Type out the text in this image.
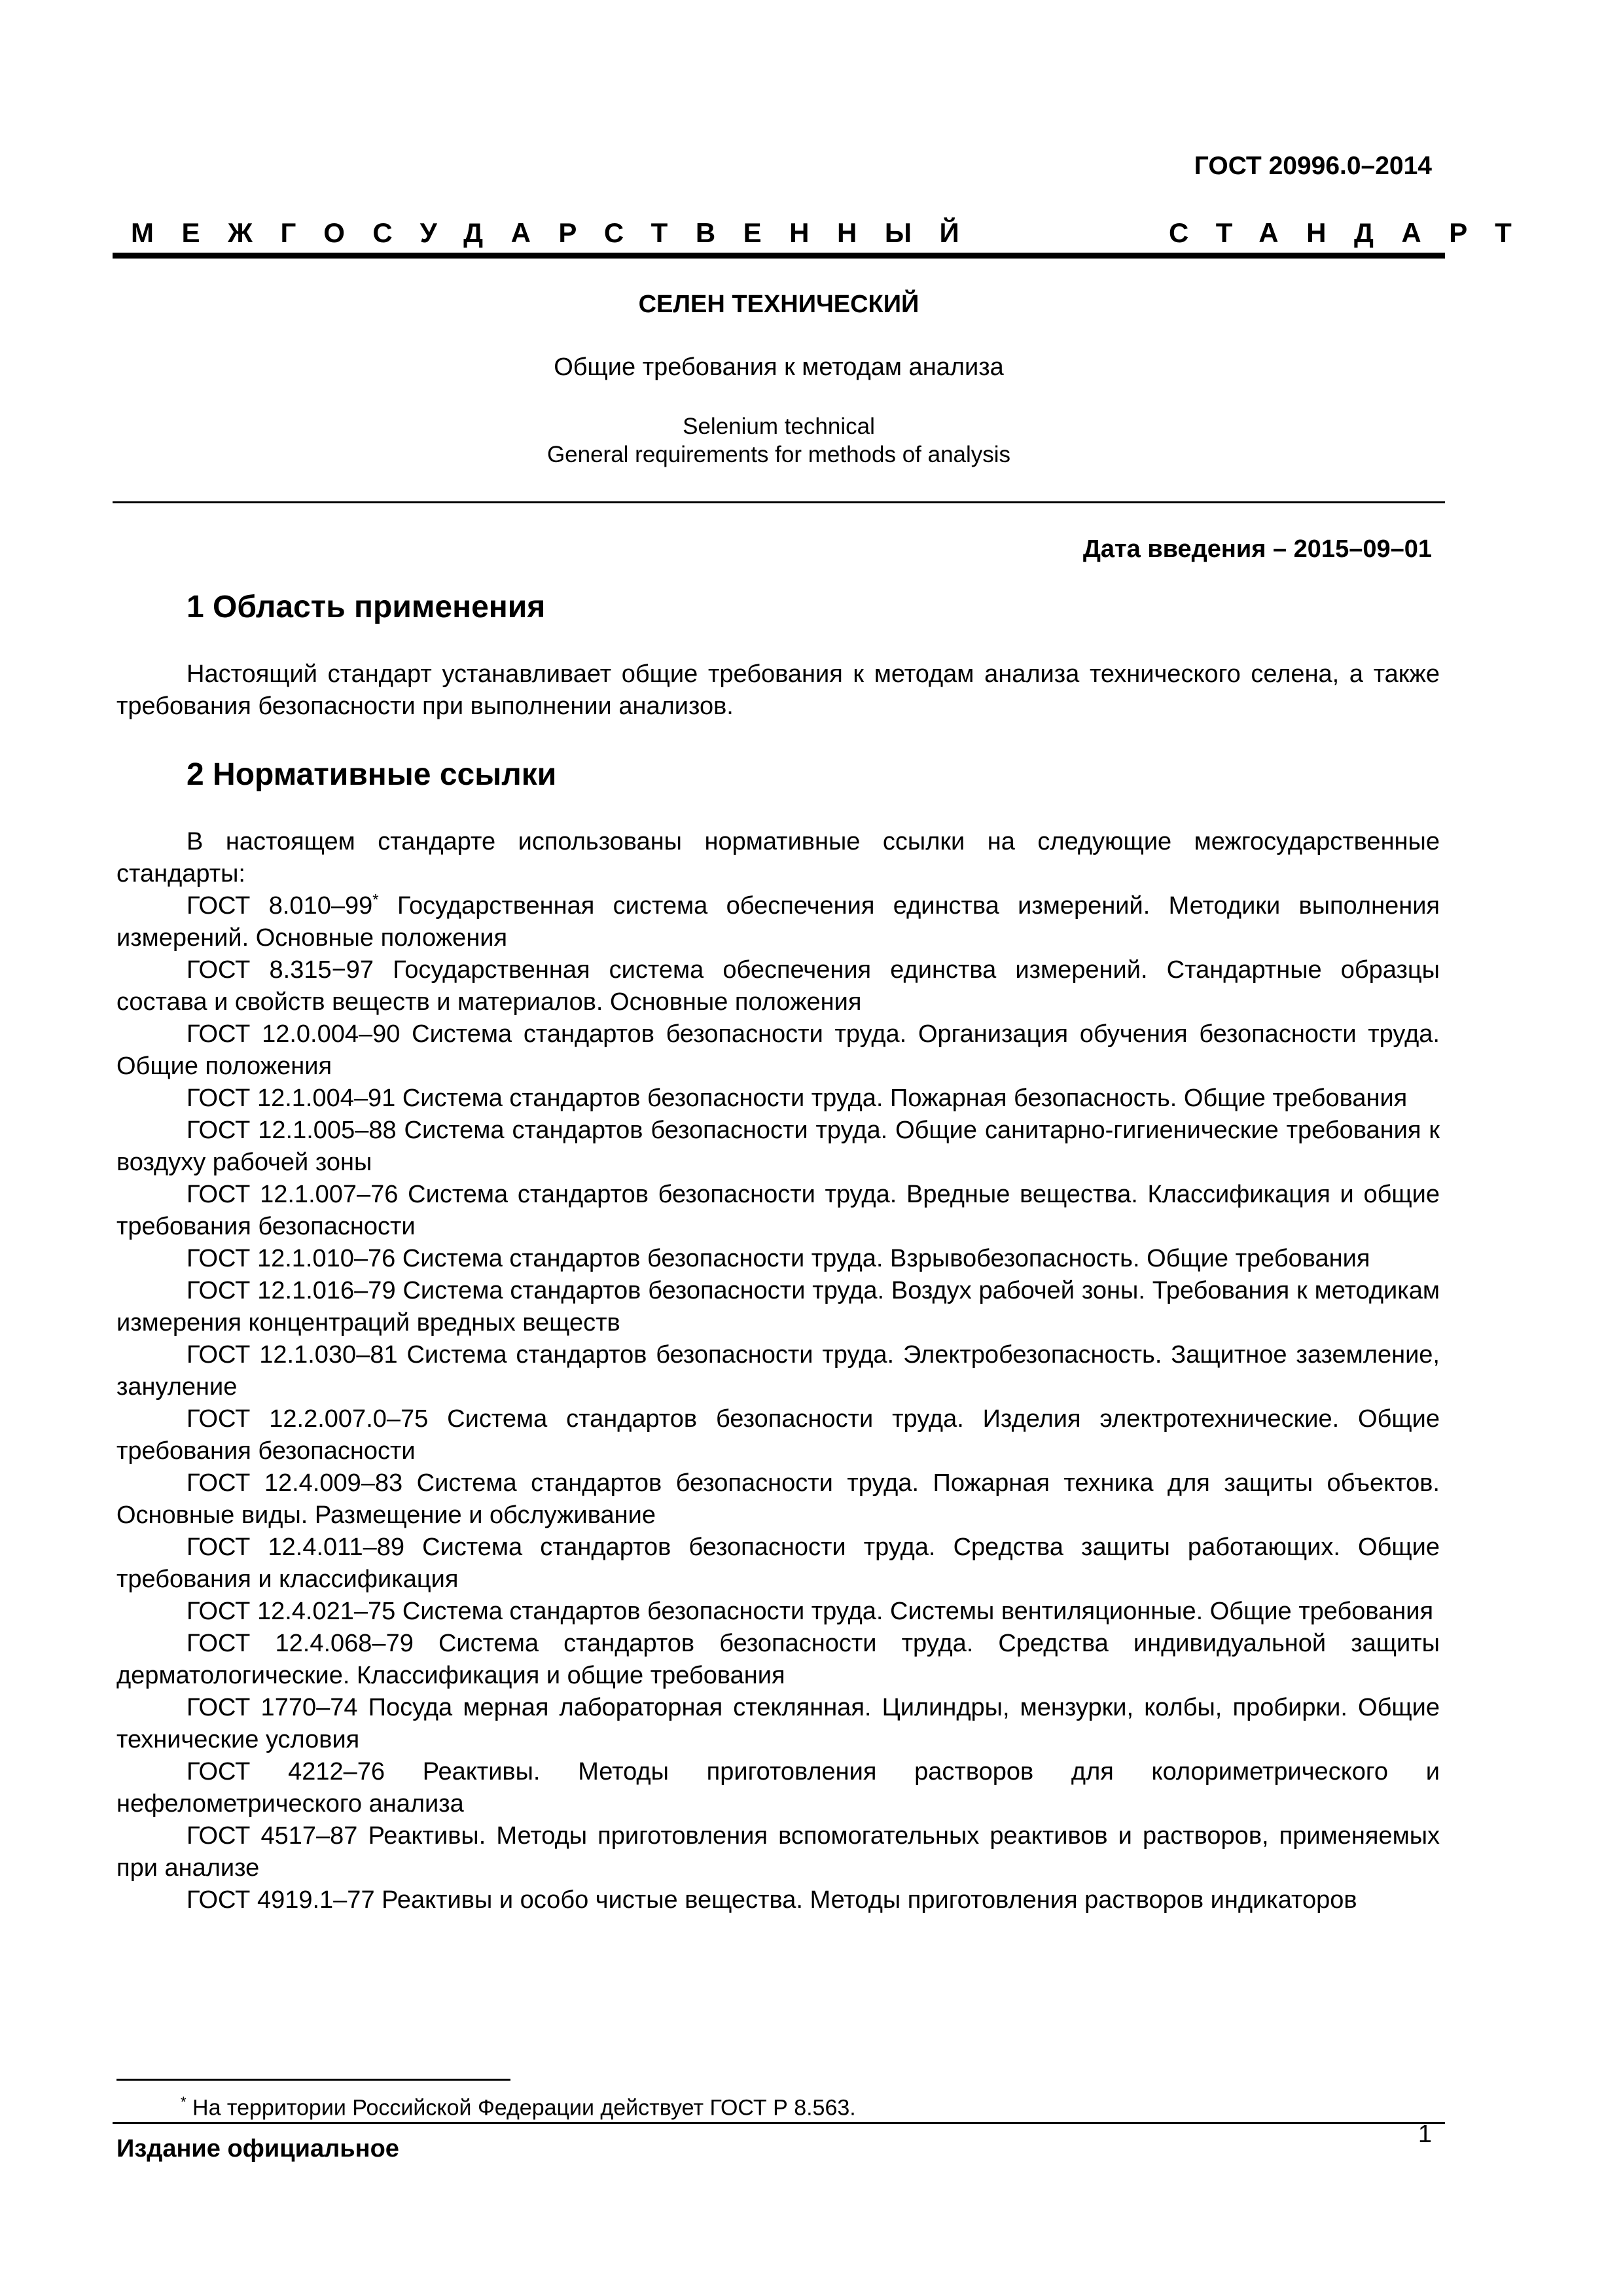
ГОСТ 20996.0–2014
МЕЖГОСУДАРСТВЕННЫЙ	СТАНДАРТ
СЕЛЕН ТЕХНИЧЕСКИЙ
Общие требования к методам анализа
Selenium technical
General requirements for methods of analysis
Дата введения – 2015–09–01
1 Область применения

Настоящий стандарт устанавливает общие требования к методам анализа технического селена, а также требования безопасности при выполнении анализов.

2 Нормативные ссылки

В настоящем стандарте использованы нормативные ссылки на следующие межгосударственные стандарты:

ГОСТ 8.010–99* Государственная система обеспечения единства измерений. Методики выполнения измерений. Основные положения

ГОСТ 8.315−97 Государственная система обеспечения единства измерений. Стандартные образцы состава и свойств веществ и материалов. Основные положения

ГОСТ 12.0.004–90 Система стандартов безопасности труда. Организация обучения безопасности труда. Общие положения

ГОСТ 12.1.004–91 Система стандартов безопасности труда. Пожарная безопасность. Общие требования

ГОСТ 12.1.005–88 Система стандартов безопасности труда. Общие санитарно-гигиенические требования к воздуху рабочей зоны

ГОСТ 12.1.007–76 Система стандартов безопасности труда. Вредные вещества. Классификация и общие требования безопасности

ГОСТ 12.1.010–76 Система стандартов безопасности труда. Взрывобезопасность. Общие требования

ГОСТ 12.1.016–79 Система стандартов безопасности труда. Воздух рабочей зоны. Требования к методикам измерения концентраций вредных веществ

ГОСТ 12.1.030–81 Система стандартов безопасности труда. Электробезопасность. Защитное заземление, зануление

ГОСТ 12.2.007.0–75 Система стандартов безопасности труда. Изделия электротехнические. Общие требования безопасности

ГОСТ 12.4.009–83 Система стандартов безопасности труда. Пожарная техника для защиты объектов. Основные виды. Размещение и обслуживание

ГОСТ 12.4.011–89 Система стандартов безопасности труда. Средства защиты работающих. Общие требования и классификация

ГОСТ 12.4.021–75 Система стандартов безопасности труда. Системы вентиляционные. Общие требования

ГОСТ 12.4.068–79 Система стандартов безопасности труда. Средства индивидуальной защиты дерматологические. Классификация и общие требования

ГОСТ 1770–74 Посуда мерная лабораторная стеклянная. Цилиндры, мензурки, колбы, пробирки. Общие технические условия

ГОСТ 4212–76 Реактивы. Методы приготовления растворов для колориметрического и нефелометрического анализа

ГОСТ 4517–87 Реактивы. Методы приготовления вспомогательных реактивов и растворов, применяемых при анализе

ГОСТ 4919.1–77 Реактивы и особо чистые вещества. Методы приготовления растворов индикаторов

* На территории Российской Федерации действует ГОСТ Р 8.563.
Издание официальное
1
